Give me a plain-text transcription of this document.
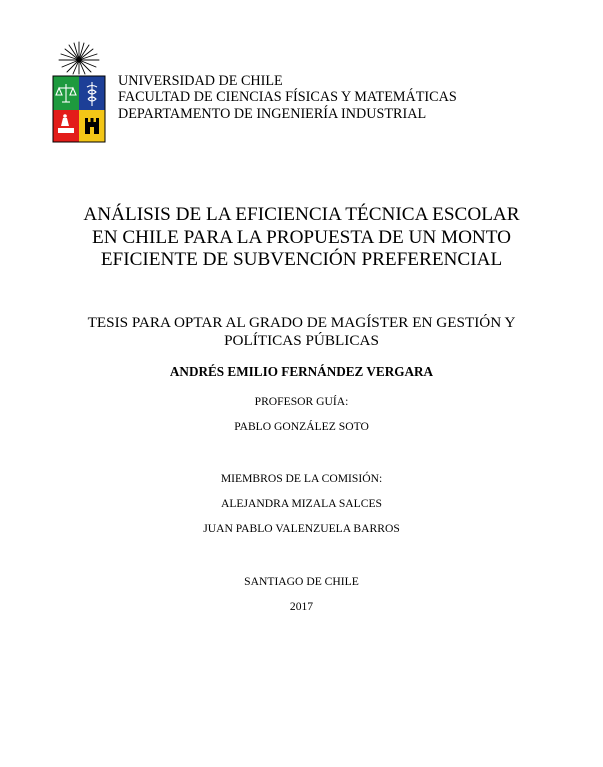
UNIVERSIDAD DE CHILE
FACULTAD DE CIENCIAS FÍSICAS Y MATEMÁTICAS
DEPARTAMENTO DE INGENIERÍA INDUSTRIAL
ANÁLISIS DE LA EFICIENCIA TÉCNICA ESCOLAR
EN CHILE PARA LA PROPUESTA DE UN MONTO
EFICIENTE DE SUBVENCIÓN PREFERENCIAL
TESIS PARA OPTAR AL GRADO DE MAGÍSTER EN GESTIÓN Y
POLÍTICAS PÚBLICAS
ANDRÉS EMILIO FERNÁNDEZ VERGARA
PROFESOR GUÍA:
PABLO GONZÁLEZ SOTO
MIEMBROS DE LA COMISIÓN:
ALEJANDRA MIZALA SALCES
JUAN PABLO VALENZUELA BARROS
SANTIAGO DE CHILE
2017
